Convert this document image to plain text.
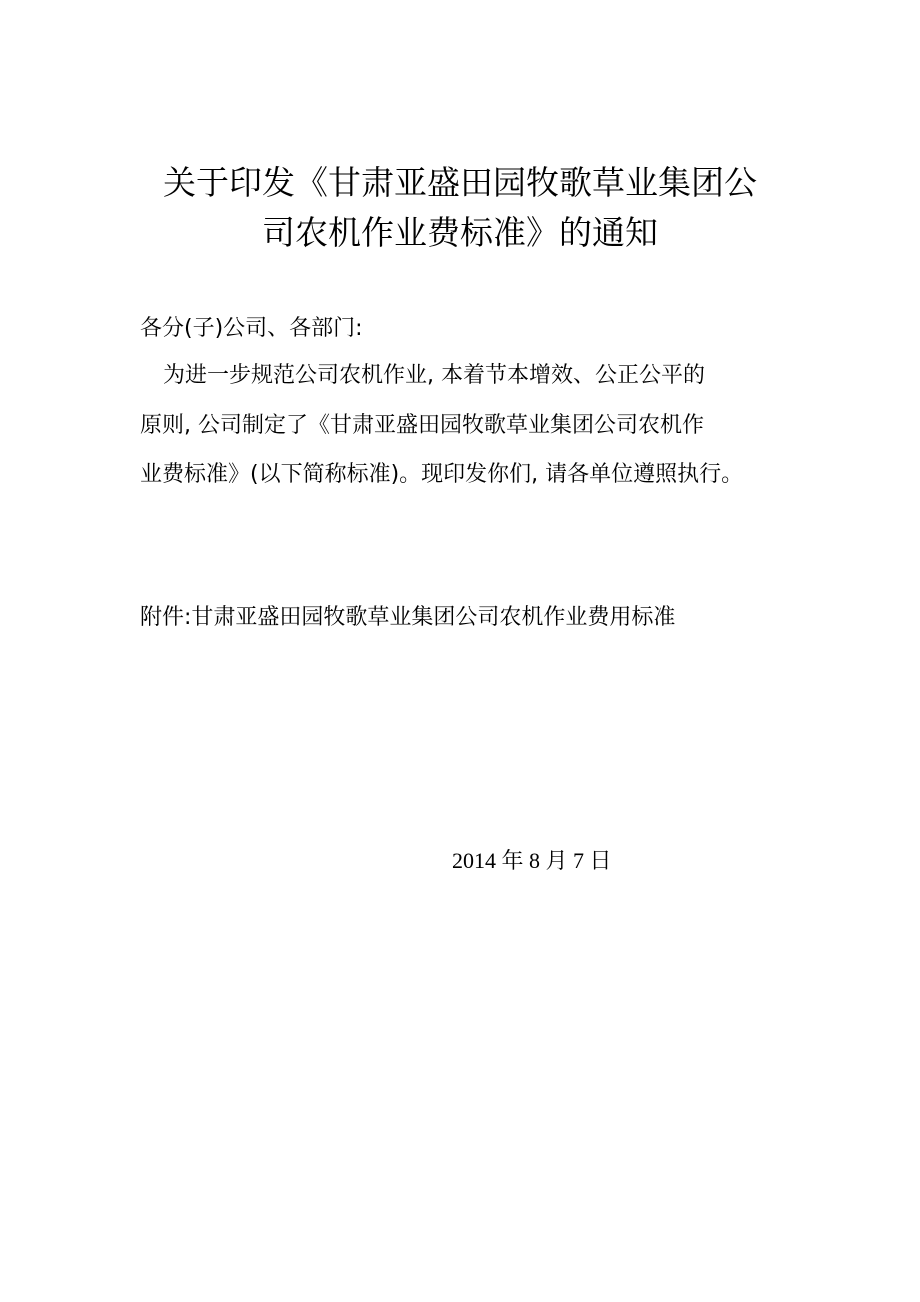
关于印发《甘肃亚盛田园牧歌草业集团公
司农机作业费标准》的通知
各分(子)公司、各部门:
为进一步规范公司农机作业, 本着节本增效、公正公平的
原则, 公司制定了《甘肃亚盛田园牧歌草业集团公司农机作
业费标准》(以下简称标准)。现印发你们, 请各单位遵照执行。
附件:甘肃亚盛田园牧歌草业集团公司农机作业费用标准
2014 年 8 月 7 日
